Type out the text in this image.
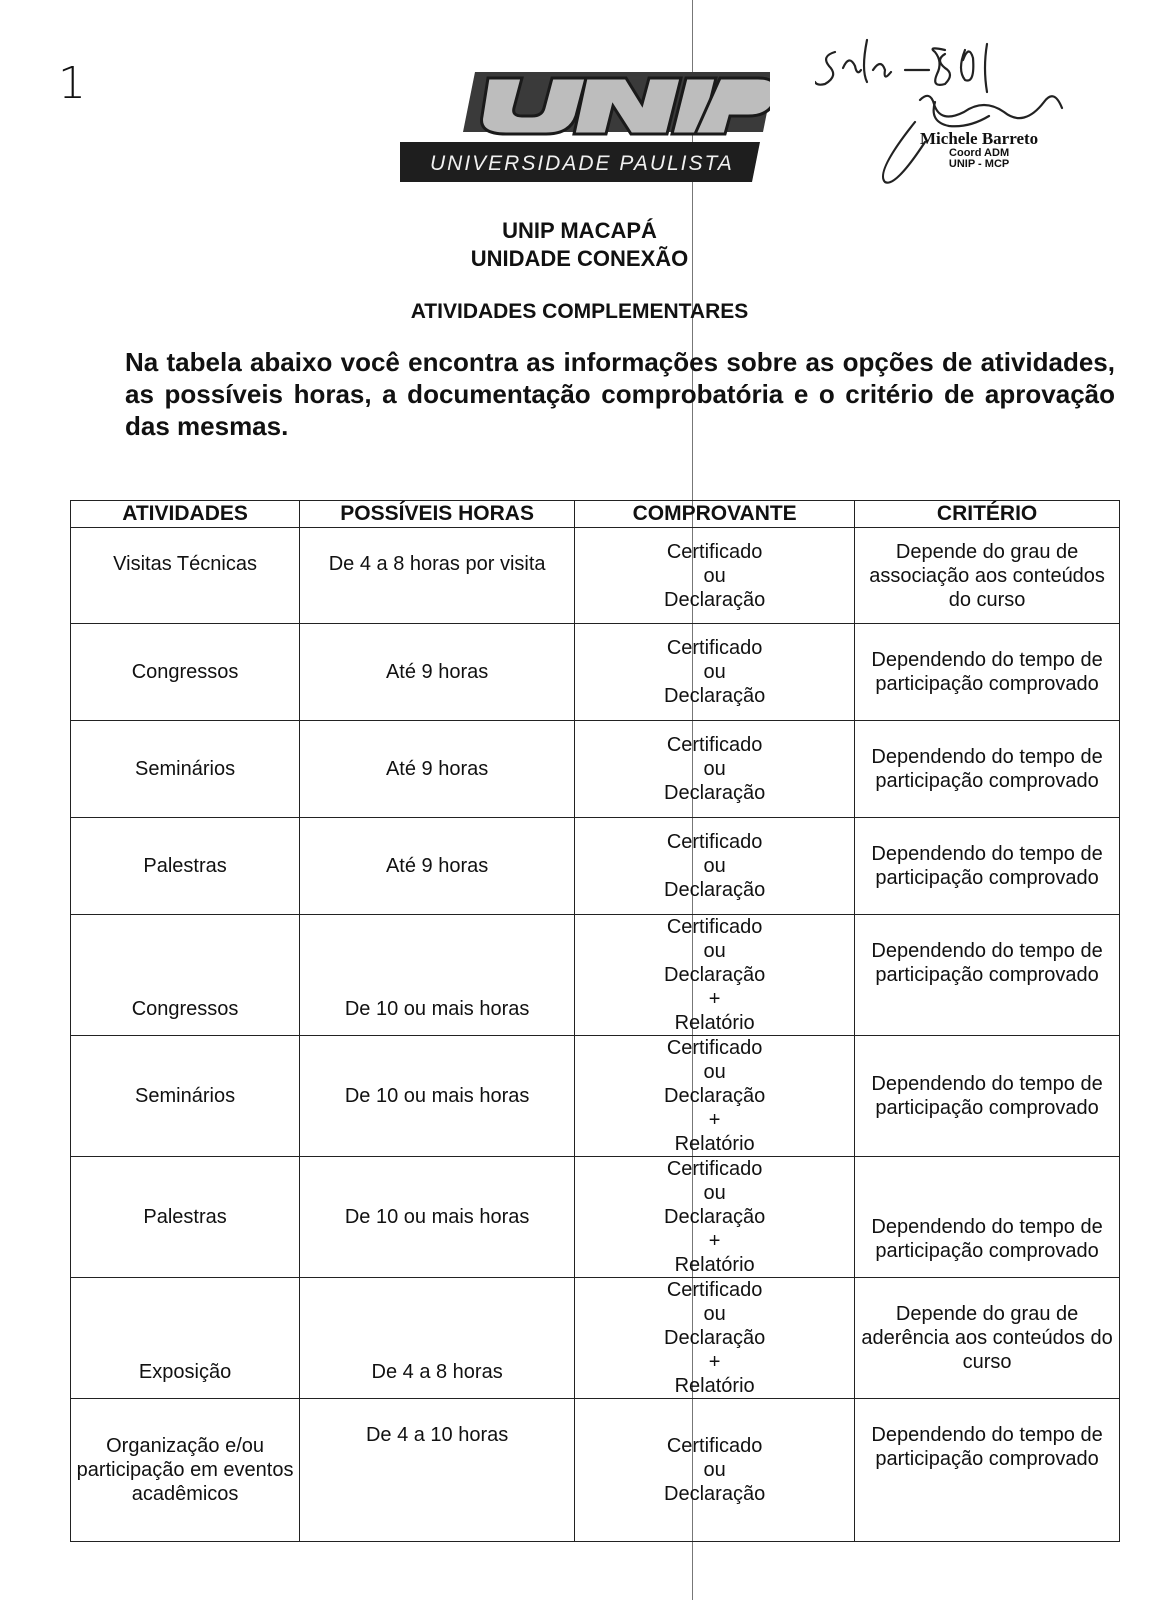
1
UNIVERSIDADE PAULISTA
Michele Barreto
Coord ADM
UNIP - MCP
UNIP MACAPÁ
UNIDADE CONEXÃO
ATIVIDADES COMPLEMENTARES
Na tabela abaixo você encontra as informações sobre as opções de atividades, as possíveis horas, a documentação comprobatória e o critério de aprovação das mesmas.
ATIVIDADES	POSSÍVEIS HORAS	COMPROVANTE	CRITÉRIO
Visitas Técnicas	De 4 a 8 horas por visita	Certificado
ou
Declaração	Depende do grau de associação aos conteúdos do curso
Congressos	Até 9 horas	Certificado
ou
Declaração	Dependendo do tempo de participação comprovado
Seminários	Até 9 horas	Certificado
ou
Declaração	Dependendo do tempo de participação comprovado
Palestras	Até 9 horas	Certificado
ou
Declaração	Dependendo do tempo de participação comprovado
Congressos	De 10 ou mais horas	Certificado
ou
Declaração
+
Relatório	Dependendo do tempo de participação comprovado
Seminários	De 10 ou mais horas	Certificado
ou
Declaração
+
Relatório	Dependendo do tempo de participação comprovado
Palestras	De 10 ou mais horas	Certificado
ou
Declaração
+
Relatório	Dependendo do tempo de participação comprovado
Exposição	De 4 a 8 horas	Certificado
ou
Declaração
+
Relatório	Depende do grau de aderência aos conteúdos do curso
Organização e/ou participação em eventos acadêmicos	De 4 a 10 horas	Certificado
ou
Declaração	Dependendo do tempo de participação comprovado
